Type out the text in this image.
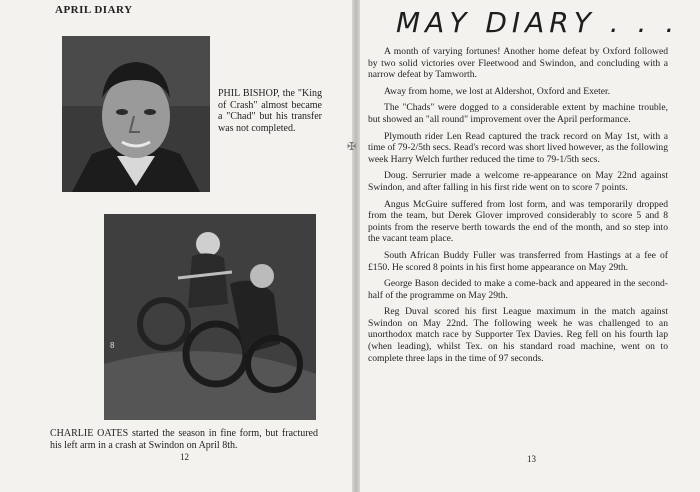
APRIL DIARY
PHIL BISHOP, the "King of Crash" almost became a "Chad" but his transfer was not completed.
8
CHARLIE OATES started the season in fine form, but fractured his left arm in a crash at Swindon on April 8th.
12
✠
MAY DIARY . . .

A month of varying fortunes! Another home defeat by Oxford followed by two solid victories over Fleetwood and Swindon, and concluding with a narrow defeat by Tamworth.

Away from home, we lost at Aldershot, Oxford and Exeter.

The "Chads" were dogged to a considerable extent by machine trouble, but showed an "all round" improvement over the April performance.

Plymouth rider Len Read captured the track record on May 1st, with a time of 79-2/5th secs. Read's record was short lived however, as the following week Harry Welch further reduced the time to 79-1/5th secs.

Doug. Serrurier made a welcome re-appearance on May 22nd against Swindon, and after falling in his first ride went on to score 7 points.

Angus McGuire suffered from lost form, and was temporarily dropped from the team, but Derek Glover improved considerably to score 5 and 8 points from the reserve berth towards the end of the month, and so step into the vacant team place.

South African Buddy Fuller was transferred from Hastings at a fee of £150. He scored 8 points in his first home appearance on May 29th.

George Bason decided to make a come-back and appeared in the second-half of the programme on May 29th.

Reg Duval scored his first League maximum in the match against Swindon on May 22nd. The following week he was challenged to an unorthodox match race by Supporter Tex Davies. Reg fell on his fourth lap (when leading), whilst Tex. on his standard road machine, went on to complete three laps in the time of 97 seconds.

13
